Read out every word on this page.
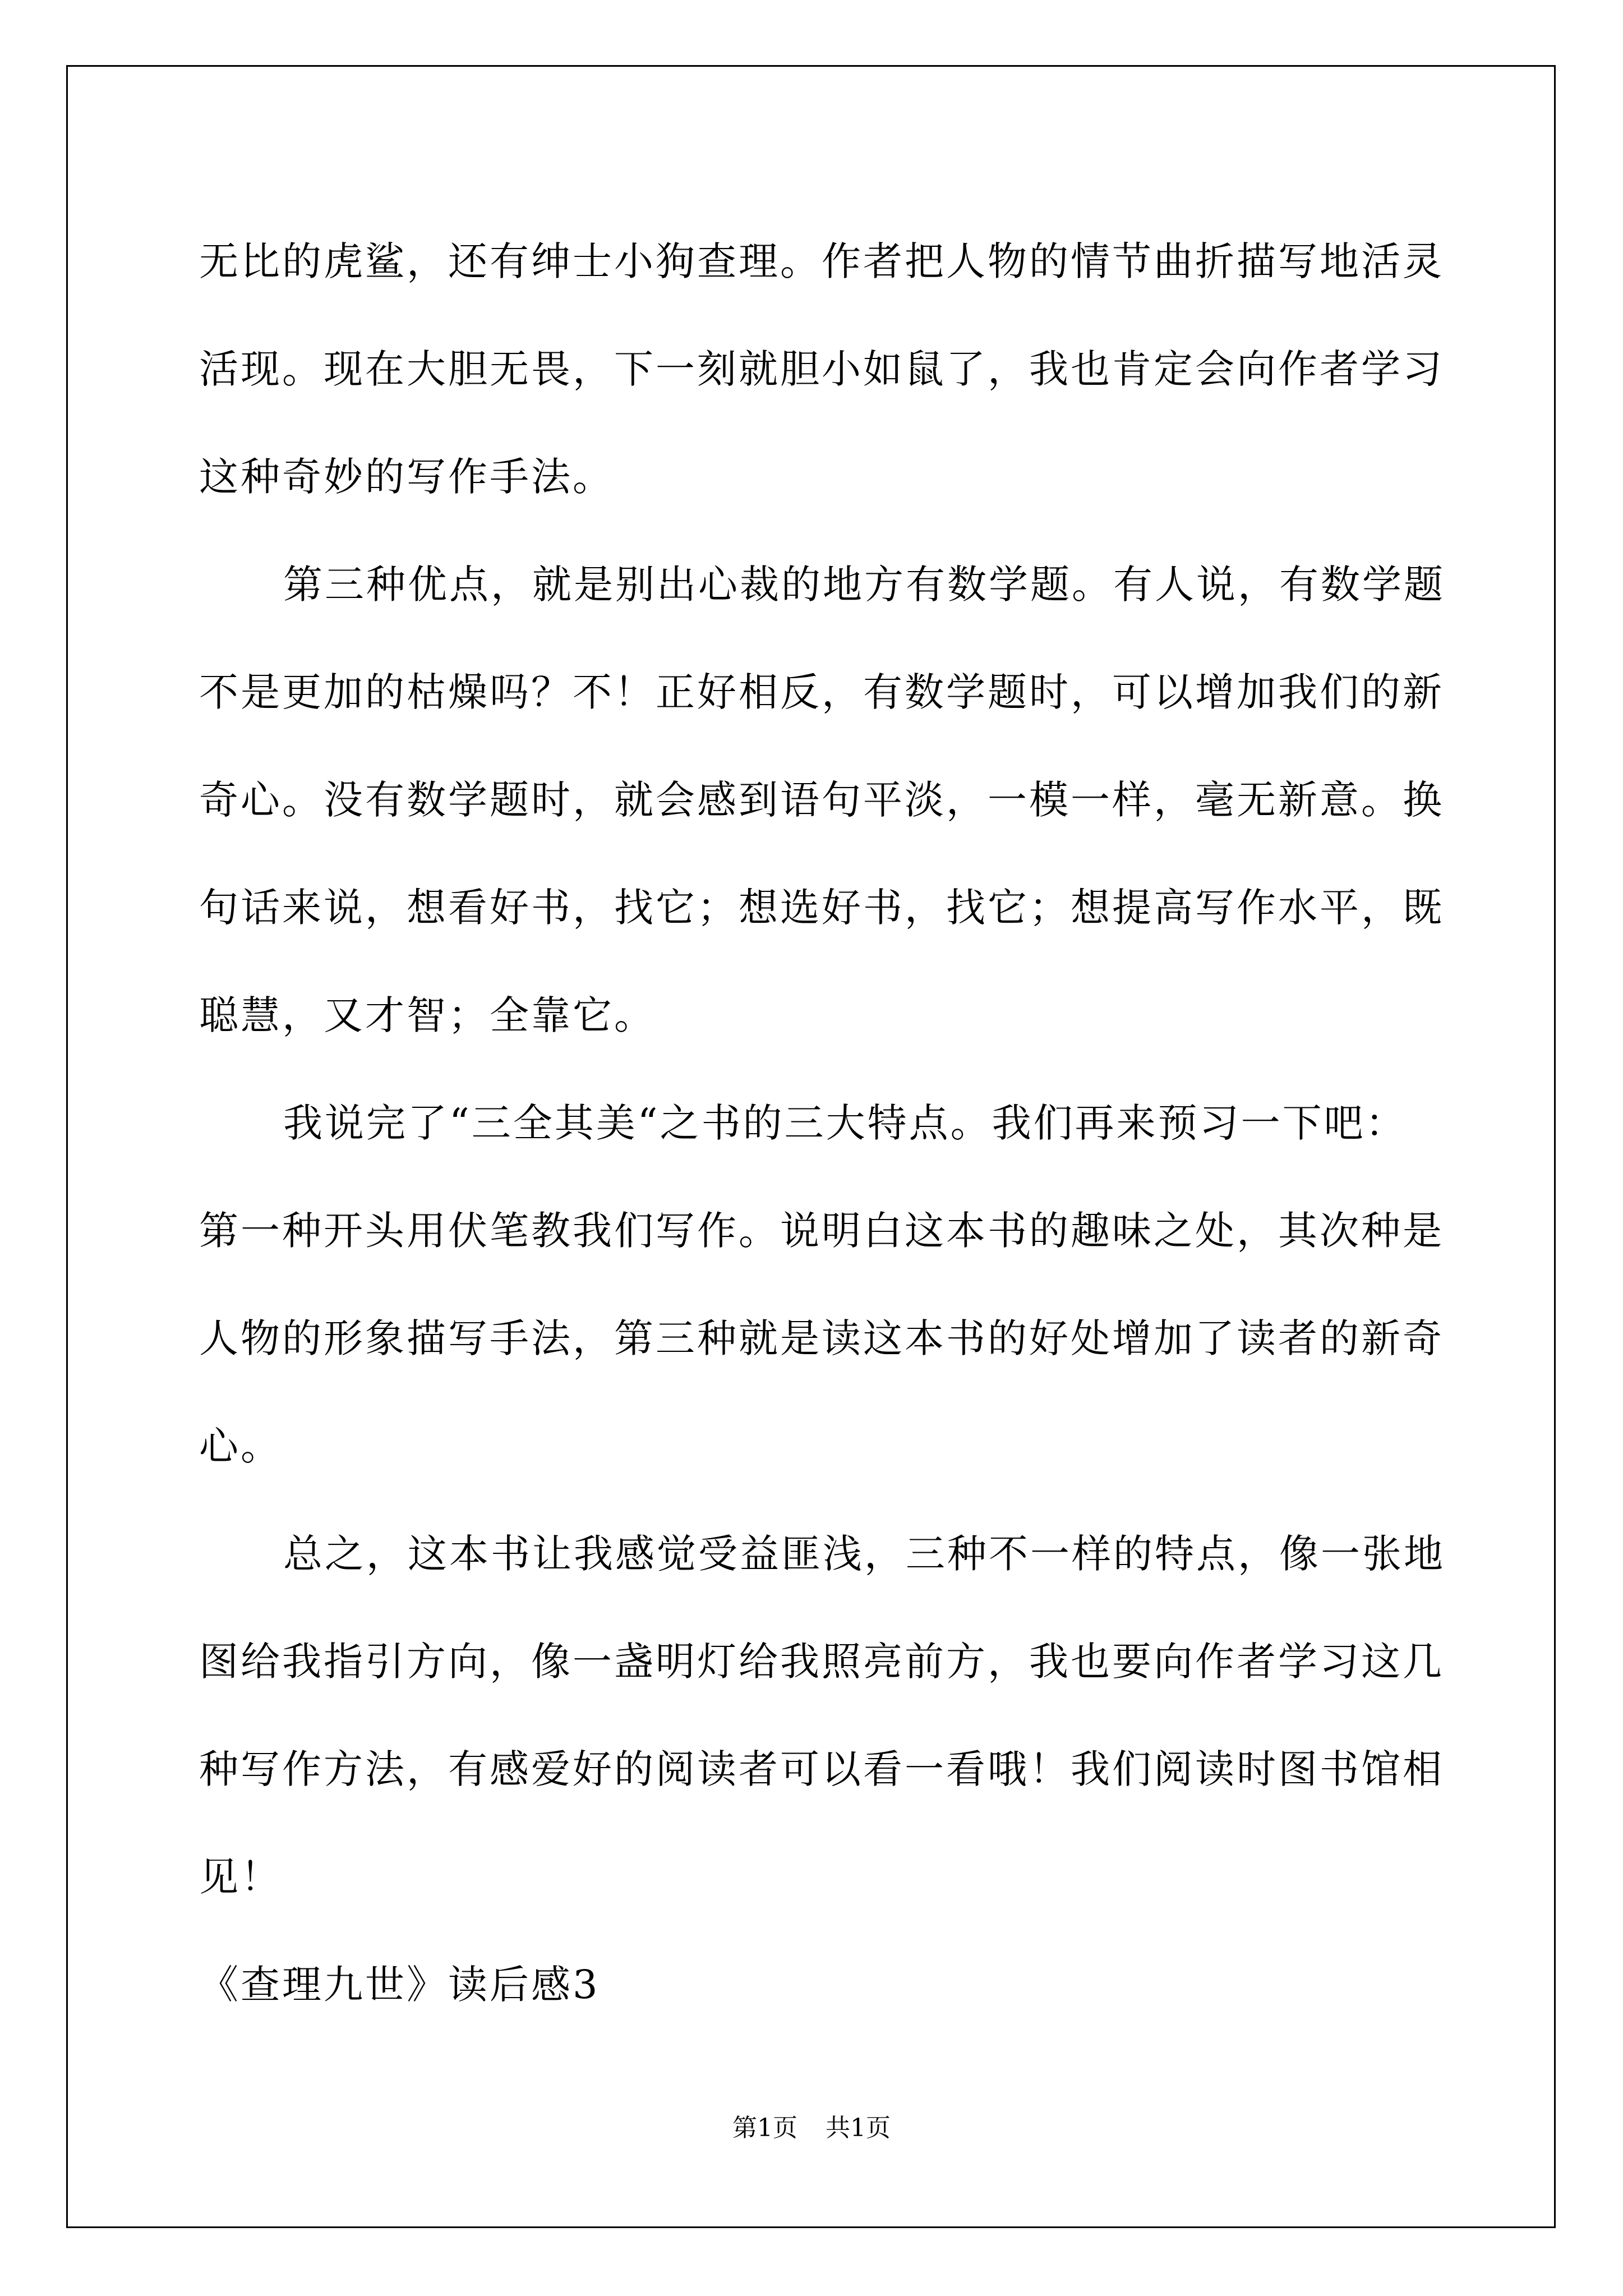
无比的虎鲨，还有绅士小狗查理。作者把人物的情节曲折描写地活灵
活现。现在大胆无畏，下一刻就胆小如鼠了，我也肯定会向作者学习
这种奇妙的写作手法。

第三种优点，就是别出心裁的地方有数学题。有人说，有数学题
不是更加的枯燥吗？不！正好相反，有数学题时，可以增加我们的新
奇心。没有数学题时，就会感到语句平淡，一模一样，毫无新意。换
句话来说，想看好书，找它；想选好书，找它；想提高写作水平，既
聪慧，又才智；全靠它。

我说完了“三全其美“之书的三大特点。我们再来预习一下吧：
第一种开头用伏笔教我们写作。说明白这本书的趣味之处，其次种是
人物的形象描写手法，第三种就是读这本书的好处增加了读者的新奇
心。

总之，这本书让我感觉受益匪浅，三种不一样的特点，像一张地
图给我指引方向，像一盏明灯给我照亮前方，我也要向作者学习这几
种写作方法，有感爱好的阅读者可以看一看哦！我们阅读时图书馆相
见！

《查理九世》读后感3

第1页 共1页
